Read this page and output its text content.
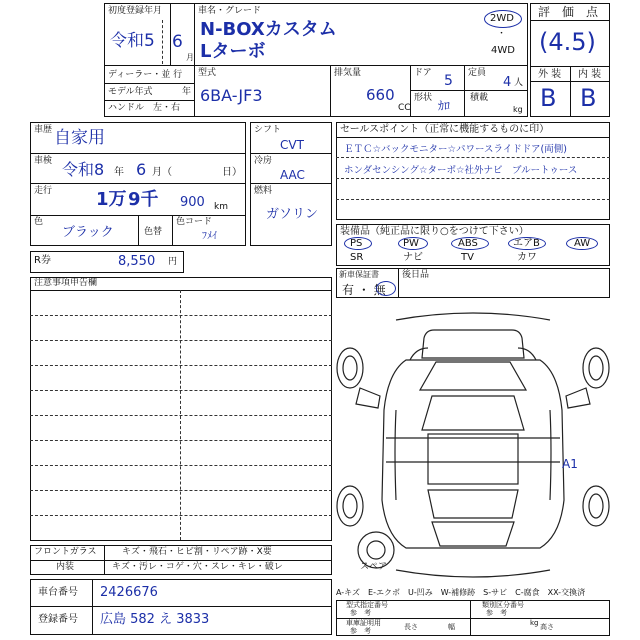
初度登録年月
令和5 6
月
車名・グレード
N-BOXカスタム
Lターボ
2WD
・
4WD
評　価　点
(4.5)
外 装 内 装
B B
ディーラー・並 行
モデル年式	年
ハンドル　左・右
型式
6BA-JF3
排気量
660
CC
ドア 5 定員
4 人
形状
ｶﾛ
積載
kg
車歴 自家用
車検 令和8 年 6 月（	日）
走行 1万 9千 900 km
色
ブラック	色替
色コード
ﾌﾒｲ
シフト
CVT
冷房
AAC
燃料
ガソリン
セールスポイント（正常に機能するものに印）
ＥＴＣ☆バックモニター☆パワースライドドア(両側)
ホンダセンシング☆ターボ☆社外ナビ　ブルートゥース
装備品（純正品に限り○をつけて下さい）
PS	PW	ABS	エアB	AW
SR	ナビ	TV	カワ
新車保証書
有 ・ 無
後日品
R券	8,550 円
注意事項申告欄
フロントガラス	キズ・飛石・ヒビ割・リペア跡・X要
内装	キズ・汚レ・コゲ・穴・スレ・キレ・破レ
車台番号 2426676
登録番号 広島 582 え 3833
A1
スペア
A-キズ　E-エクボ　U-凹み　W-補修跡　S-サビ　C-腐食　XX-交換済
型式指定番号	類別区分番号
参　考	参　考
車庫証明用
参　考	長さ	幅	kg 高さ
